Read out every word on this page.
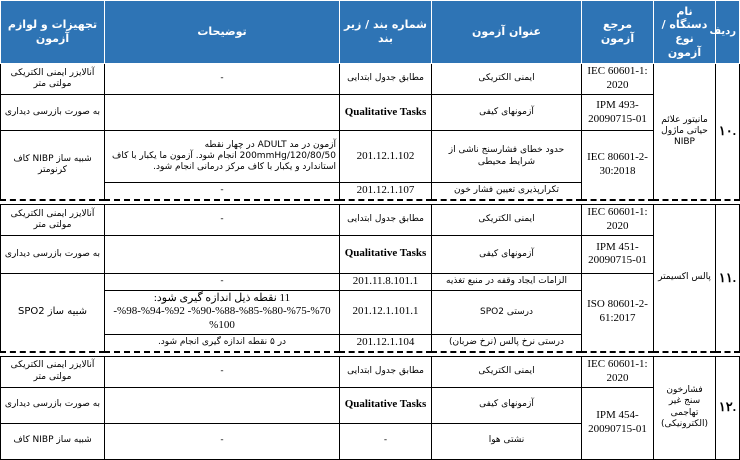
ردیف	نام دستگاه / نوع آزمون	مرجع آزمون	عنوان آزمون	شماره بند / زیر بند	توضیحات	تجهیزات و لوازم آزمون
.۱۰	مانیتور علائم حیاتی ماژول NIBP	IEC 60601-1: 2020	ایمنی الکتریکی	مطابق جدول ابتدایی	-	آنالایزر ایمنی الکتریکی مولتی متر
		IPM 493-20090715-01	آزمونهای کیفی	Qualitative Tasks		به صورت بازرسی دیداری
		IEC 80601-2-30:2018	حدود خطای فشارسنج ناشی از شرایط محیطی	201.12.1.102	آزمون در مد ADULT در چهار نقطه 200mmHg/120/80/50 انجام شود. آزمون ما یکبار با کاف استاندارد و یکبار با کاف مرکز درمانی انجام شود.	شبیه ساز NIBP کاف کرنومتر
			تکرارپذیری تعیین فشار خون	201.12.1.107	-	

.۱۱	پالس اکسیمتر	IEC 60601-1: 2020	ایمنی الکتریکی	مطابق جدول ابتدایی	-	آنالایزر ایمنی الکتریکی مولتی متر
		IPM 451-20090715-01	آزمونهای کیفی	Qualitative Tasks		به صورت بازرسی دیداری
		ISO 80601-2-61:2017	الزامات ایجاد وقفه در منبع تغذیه	201.11.8.101.1	-	شبیه ساز SPO2
			درستی SPO2	201.12.1.101.1	11 نقطه ذیل اندازه گیری شود: 70%-75%-80%-85%-88%-90%- 92%-94%-98%- 100%	
			درستی نرخ پالس (نرخ ضربان)	201.12.1.104	در ۵ نقطه اندازه گیری انجام شود.	

.۱۲	فشارخون سنج غیر تهاجمی (الکترونیکی)	IEC 60601-1: 2020	ایمنی الکتریکی	مطابق جدول ابتدایی	-	آنالایزر ایمنی الکتریکی مولتی متر
		IPM 454-20090715-01	آزمونهای کیفی	Qualitative Tasks		به صورت بازرسی دیداری
			نشتی هوا	-	-	شبیه ساز NIBP کاف
